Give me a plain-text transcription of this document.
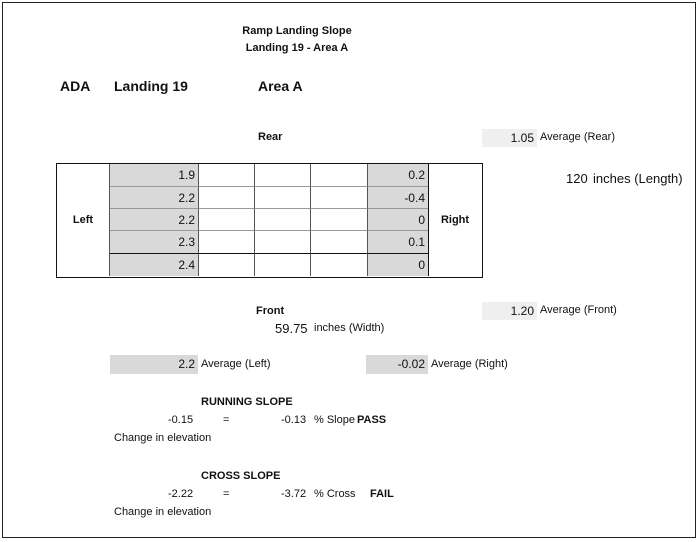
Ramp Landing Slope
Landing 19 - Area A
ADA Landing 19	Area A
Rear	1.05 Average (Rear)
120 inches (Length)
Left	Right
1.9	0.2
2.2	-0.4
2.2	0
2.3	0.1
2.4	0
Front	1.20 Average (Front)
59.75 inches (Width)
2.2 Average (Left)	-0.02 Average (Right)
RUNNING SLOPE
-0.15	=	-0.13 % Slope PASS
Change in elevation
CROSS SLOPE
-2.22	=	-3.72 % Cross FAIL
Change in elevation
